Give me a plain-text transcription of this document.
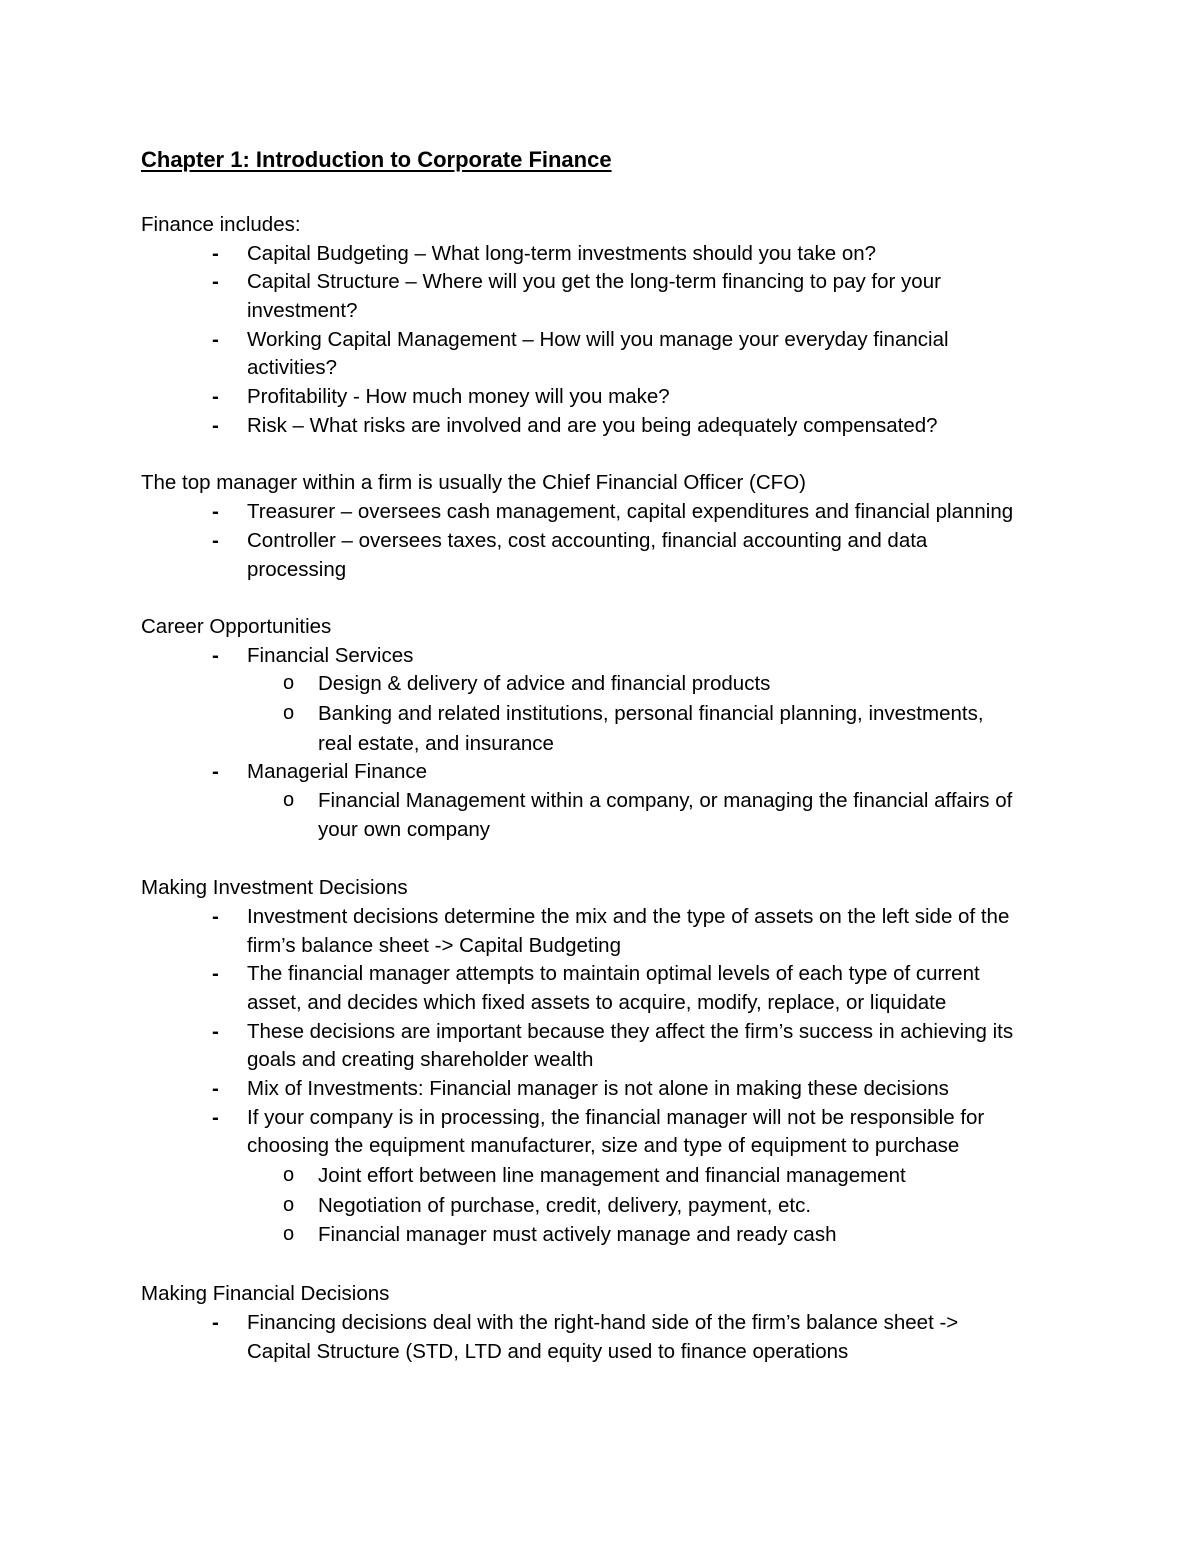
Chapter 1: Introduction to Corporate Finance
Finance includes:
-	Capital Budgeting – What long-term investments should you take on?
-	Capital Structure – Where will you get the long-term financing to pay for your
investment?
-	Working Capital Management – How will you manage your everyday financial
activities?
-	Profitability - How much money will you make?
-	Risk – What risks are involved and are you being adequately compensated?
The top manager within a firm is usually the Chief Financial Officer (CFO)
-	Treasurer – oversees cash management, capital expenditures and financial planning
-	Controller – oversees taxes, cost accounting, financial accounting and data
processing
Career Opportunities
-	Financial Services
o	Design & delivery of advice and financial products
o	Banking and related institutions, personal financial planning, investments,
real estate, and insurance
-	Managerial Finance
o	Financial Management within a company, or managing the financial affairs of
your own company
Making Investment Decisions
-	Investment decisions determine the mix and the type of assets on the left side of the
firm’s balance sheet -> Capital Budgeting
-	The financial manager attempts to maintain optimal levels of each type of current
asset, and decides which fixed assets to acquire, modify, replace, or liquidate
-	These decisions are important because they affect the firm’s success in achieving its
goals and creating shareholder wealth
-	Mix of Investments: Financial manager is not alone in making these decisions
-	If your company is in processing, the financial manager will not be responsible for
choosing the equipment manufacturer, size and type of equipment to purchase
o	Joint effort between line management and financial management
o	Negotiation of purchase, credit, delivery, payment, etc.
o	Financial manager must actively manage and ready cash
Making Financial Decisions
-	Financing decisions deal with the right-hand side of the firm’s balance sheet ->
Capital Structure (STD, LTD and equity used to finance operations
